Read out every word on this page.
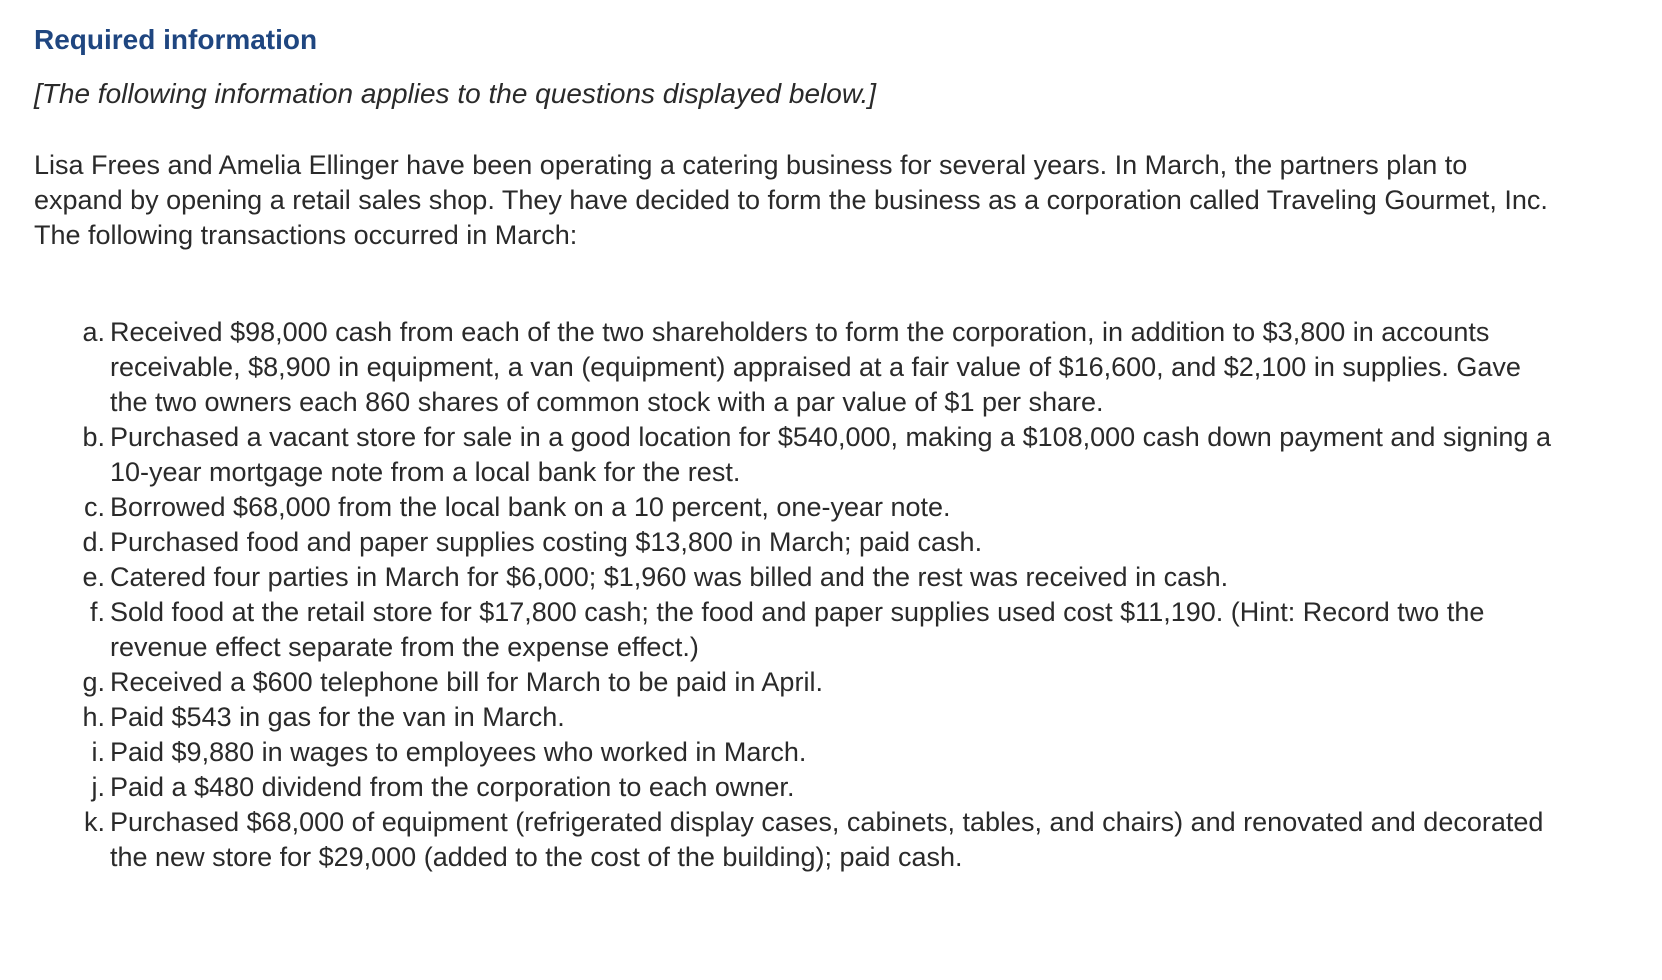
Required information

[The following information applies to the questions displayed below.]

Lisa Frees and Amelia Ellinger have been operating a catering business for several years. In March, the partners plan to expand by opening a retail sales shop. They have decided to form the business as a corporation called Traveling Gourmet, Inc. The following transactions occurred in March:

a. Received $98,000 cash from each of the two shareholders to form the corporation, in addition to $3,800 in accounts receivable, $8,900 in equipment, a van (equipment) appraised at a fair value of $16,600, and $2,100 in supplies. Gave the two owners each 860 shares of common stock with a par value of $1 per share.
b. Purchased a vacant store for sale in a good location for $540,000, making a $108,000 cash down payment and signing a 10-year mortgage note from a local bank for the rest.
c. Borrowed $68,000 from the local bank on a 10 percent, one-year note.
d. Purchased food and paper supplies costing $13,800 in March; paid cash.
e. Catered four parties in March for $6,000; $1,960 was billed and the rest was received in cash.
f. Sold food at the retail store for $17,800 cash; the food and paper supplies used cost $11,190. (Hint: Record two the revenue effect separate from the expense effect.)
g. Received a $600 telephone bill for March to be paid in April.
h. Paid $543 in gas for the van in March.
i. Paid $9,880 in wages to employees who worked in March.
j. Paid a $480 dividend from the corporation to each owner.
k. Purchased $68,000 of equipment (refrigerated display cases, cabinets, tables, and chairs) and renovated and decorated the new store for $29,000 (added to the cost of the building); paid cash.
